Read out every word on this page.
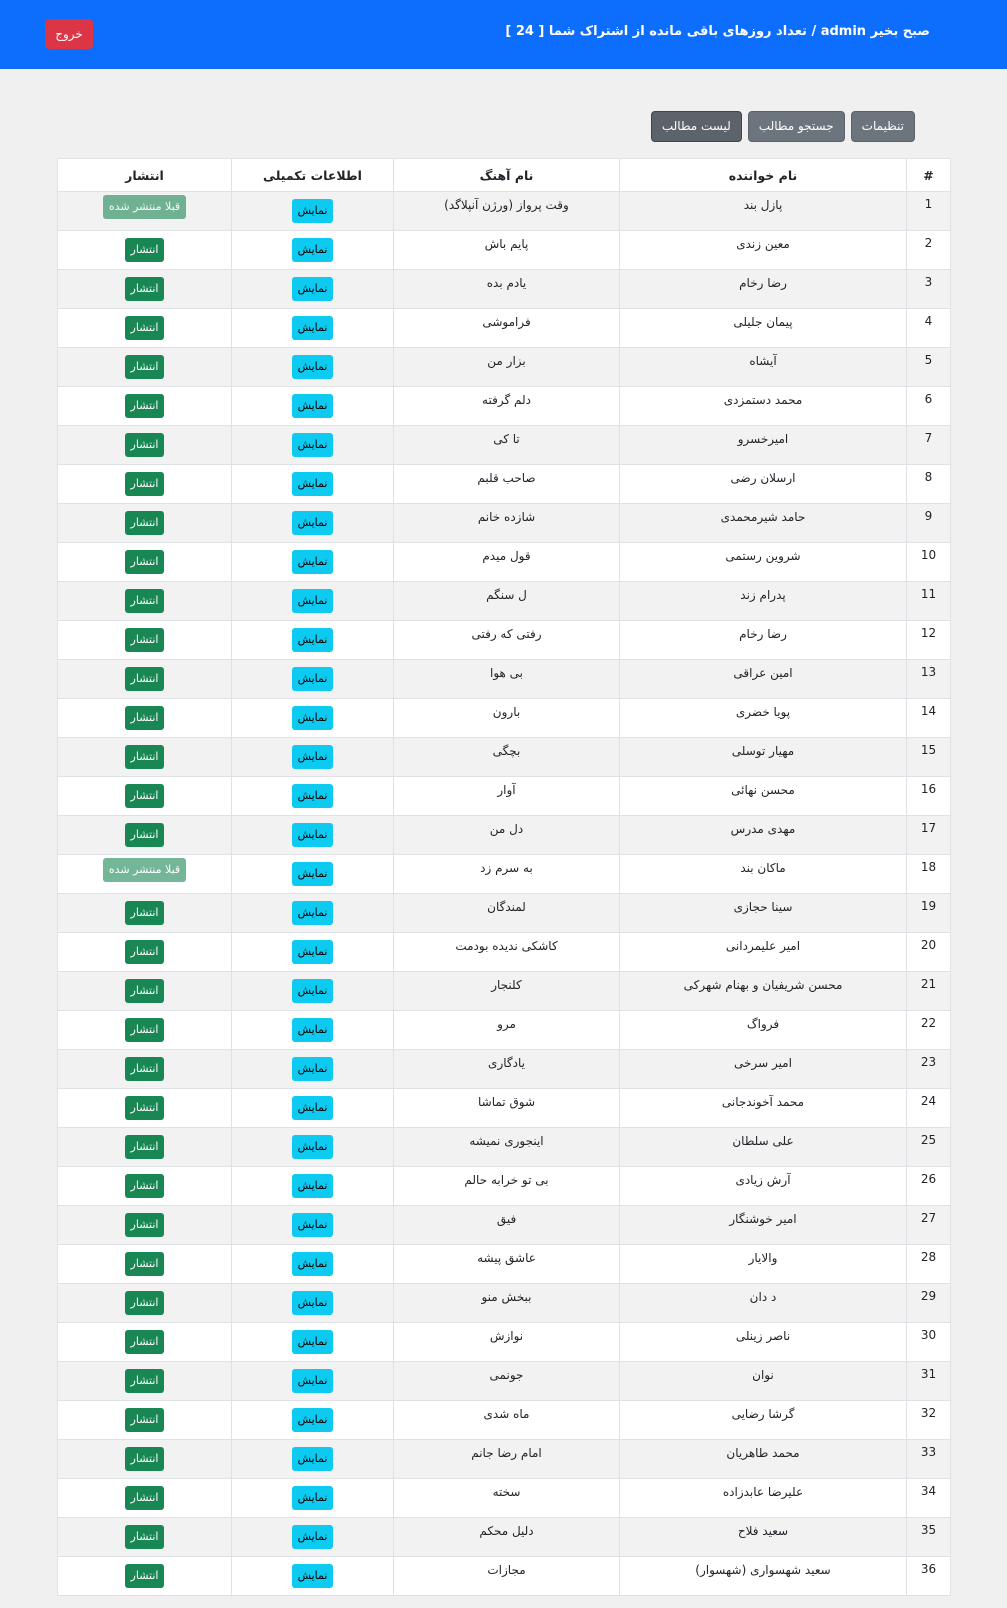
صبح بخیر admin / تعداد روزهای باقی مانده از اشتراک شما [ 24 ]
خروج
لیست مطالب	جستجو مطالب	تنظیمات
#	نام خواننده	نام آهنگ	اطلاعات تکمیلی	انتشار

1	پازل بند	وقت پرواز (ورژن آنپلاگد)	نمایش	قبلا منتشر شده

2	معین زندی	پایم باش	نمایش	انتشار

3	رضا رخام	یادم بده	نمایش	انتشار

4	پیمان جلیلی	فراموشی	نمایش	انتشار

5	آیشاه	بزار من	نمایش	انتشار

6	محمد دستمزدی	دلم گرفته	نمایش	انتشار

7	امیرخسرو	تا کی	نمایش	انتشار

8	ارسلان رضی	صاحب قلبم	نمایش	انتشار

9	حامد شیرمحمدی	شازده خانم	نمایش	انتشار

10	شروین رستمی	قول میدم	نمایش	انتشار

11	پدرام زند	ل سنگم	نمایش	انتشار

12	رضا رخام	رفتی که رفتی	نمایش	انتشار

13	امین عراقی	بی هوا	نمایش	انتشار

14	پویا خضری	بارون	نمایش	انتشار

15	مهیار توسلی	بچگی	نمایش	انتشار

16	محسن نهائی	آوار	نمایش	انتشار

17	مهدی مدرس	دل من	نمایش	انتشار

18	ماکان بند	به سرم زد	نمایش	قبلا منتشر شده

19	سینا حجازی	لمندگان	نمایش	انتشار

20	امیر علیمردانی	کاشکی ندیده بودمت	نمایش	انتشار

21	محسن شریفیان و بهنام شهرکی	کلنجار	نمایش	انتشار

22	فرواگ	مرو	نمایش	انتشار

23	امیر سرخی	یادگاری	نمایش	انتشار

24	محمد آخوندجانی	شوق تماشا	نمایش	انتشار

25	علی سلطان	اینجوری نمیشه	نمایش	انتشار

26	آرش زیادی	بی تو خرابه حالم	نمایش	انتشار

27	امیر خوشنگار	فیق	نمایش	انتشار

28	والایار	عاشق پیشه	نمایش	انتشار

29	د دان	ببخش منو	نمایش	انتشار

30	ناصر زینلی	نوازش	نمایش	انتشار

31	نوان	جونمی	نمایش	انتشار

32	گرشا رضایی	ماه شدی	نمایش	انتشار

33	محمد طاهریان	امام رضا جانم	نمایش	انتشار

34	علیرضا عابدزاده	سخته	نمایش	انتشار

35	سعید فلاح	دلیل محکم	نمایش	انتشار

36	سعید شهسواری (شهسوار)	مجازات	نمایش	انتشار
